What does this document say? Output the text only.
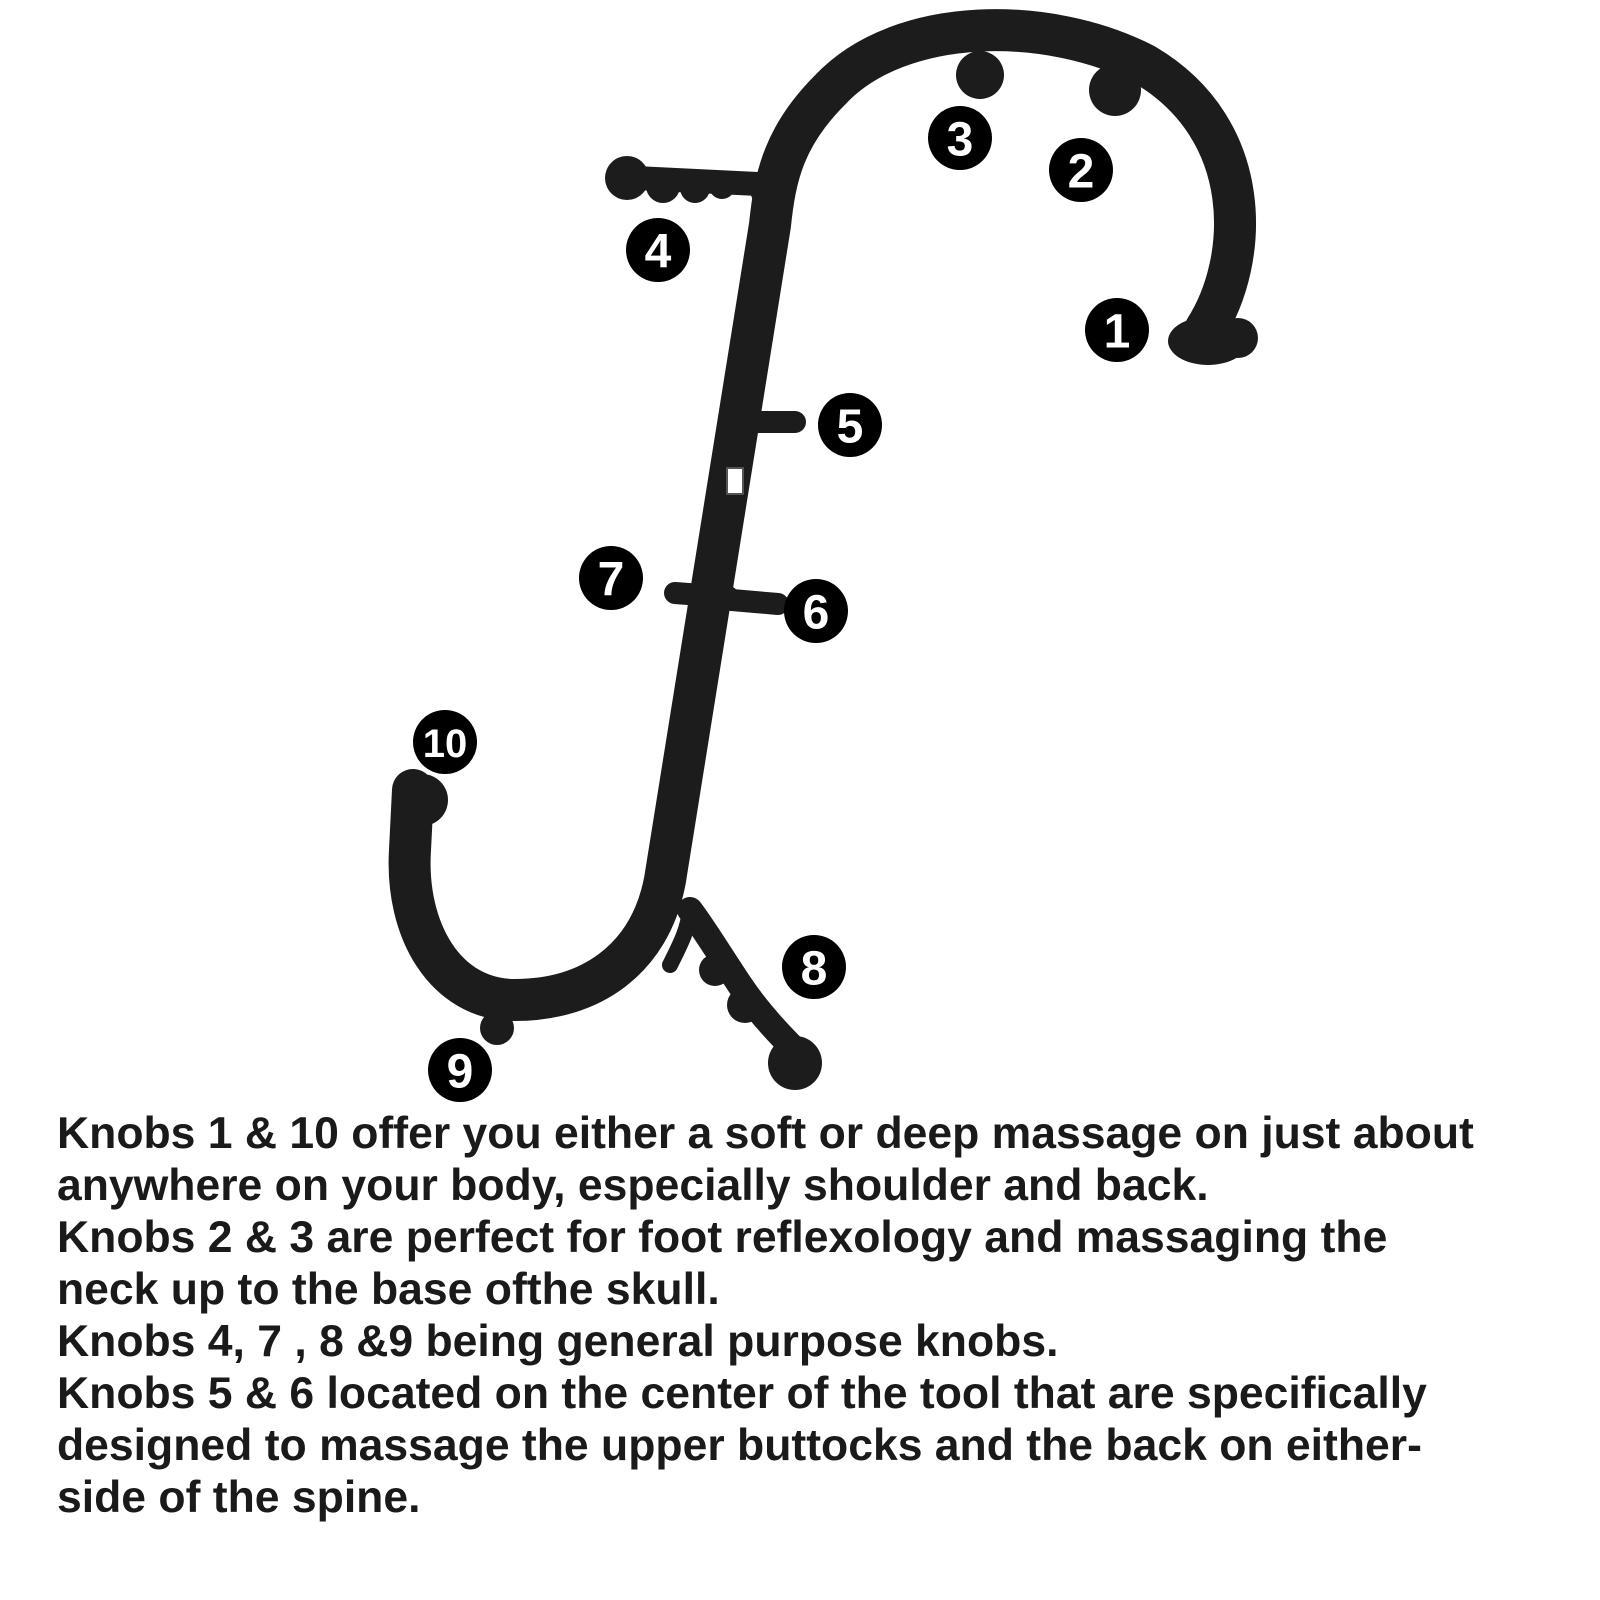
1
2
3
4
5
6
7
8
9
10
Knobs 1 & 10 offer you either a soft or deep massage on just about
anywhere on your body, especially shoulder and back.
Knobs 2 & 3 are perfect for foot reflexology and massaging the
neck up to the base ofthe skull.
Knobs 4, 7 , 8 &9 being general purpose knobs.
Knobs 5 & 6 located on the center of the tool that are specifically
designed to massage the upper buttocks and the back on either-
side of the spine.
